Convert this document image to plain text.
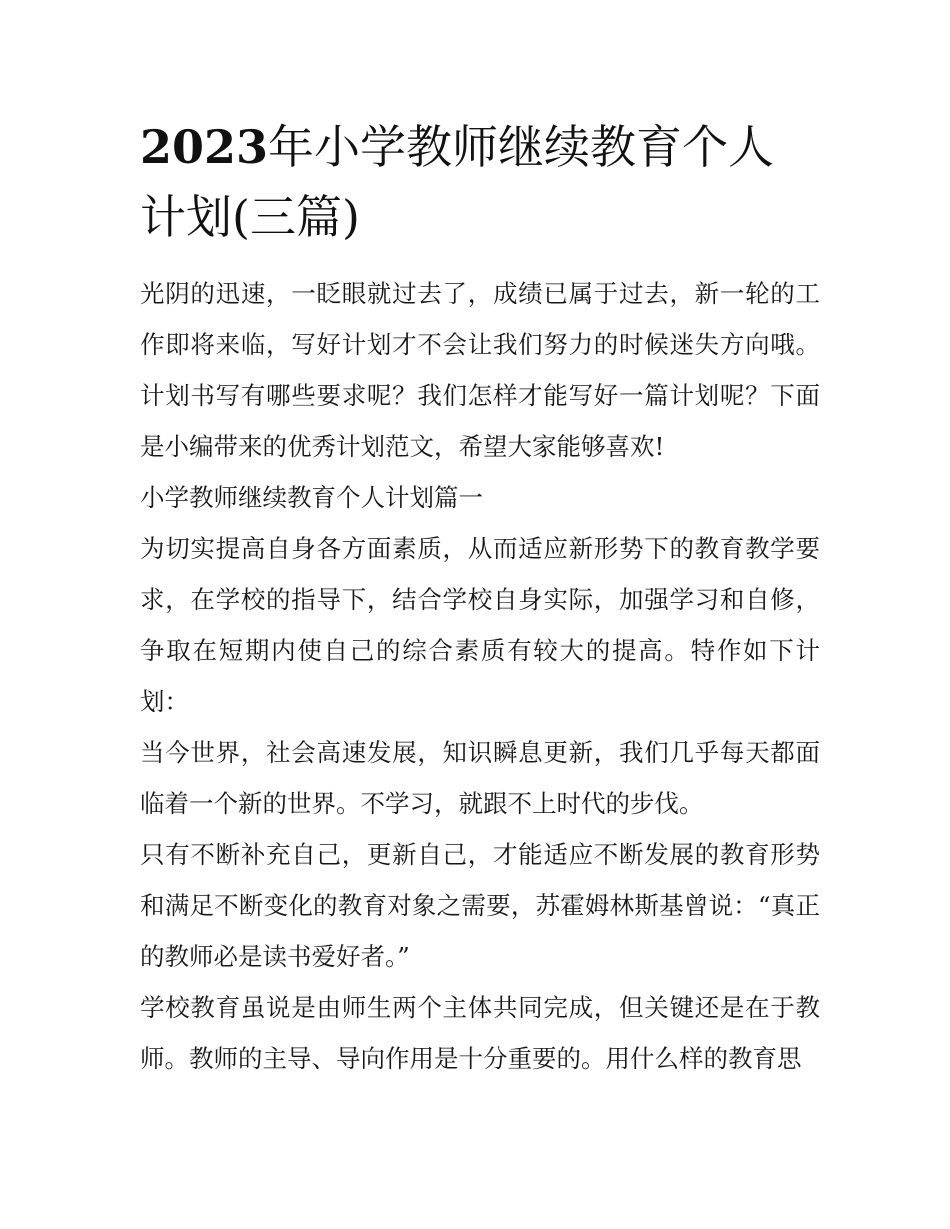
2023年小学教师继续教育个人计划(三篇)

光阴的迅速，一眨眼就过去了，成绩已属于过去，新一轮的工作即将来临，写好计划才不会让我们努力的时候迷失方向哦。计划书写有哪些要求呢？我们怎样才能写好一篇计划呢？下面是小编带来的优秀计划范文，希望大家能够喜欢!

小学教师继续教育个人计划篇一

为切实提高自身各方面素质，从而适应新形势下的教育教学要求，在学校的指导下，结合学校自身实际，加强学习和自修，争取在短期内使自己的综合素质有较大的提高。特作如下计划：

当今世界，社会高速发展，知识瞬息更新，我们几乎每天都面临着一个新的世界。不学习，就跟不上时代的步伐。

只有不断补充自己，更新自己，才能适应不断发展的教育形势和满足不断变化的教育对象之需要，苏霍姆林斯基曾说：“真正的教师必是读书爱好者。”

学校教育虽说是由师生两个主体共同完成，但关键还是在于教师。教师的主导、导向作用是十分重要的。用什么样的教育思
